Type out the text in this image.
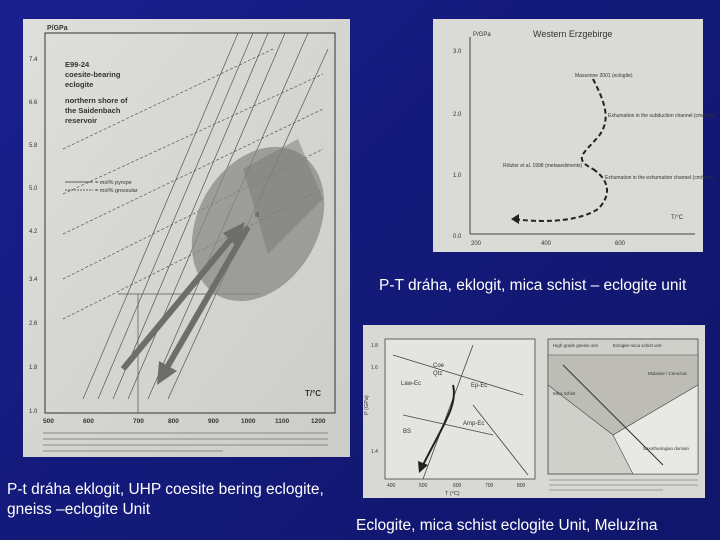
7.4
6.6
5.8
5.0
4.2
3.4
2.6
1.8
1.0
500	600	700	800	900	1000	1100	1200
P/GPa
T/°C
E99-24
coesite-bearing
eclogite
northern shore of
the Saidenbach
reservoir
= mol% pyrope
= mol% grossular
II
P/GPa	Western Erzgebirge
T/°C
3.0
2.0
1.0
0.0
200	400	600
Massonne 2001 (eclogite)
Exhumation in the subduction channel (cm/year)
Exhumation in the exhumation channel (cm/year)
Rötzler et al. 1998 (metasediments)
P-T dráha, eklogit, mica schist – eclogite unit
Coe
Qtz
Law-Ec	Ep-Ec
Amp-Ec
BS
1.8
1.6
1.4
P (GPa)
400	500	600	700	800
T (°C)
High grade gneiss unit	Eclogite-mica schist unit
Molasse / Cenozoic
Mica schist
Saxothuringian domain
P-t dráha eklogit, UHP coesite bering eclogite, gneiss –eclogite Unit
Eclogite, mica schist eclogite Unit, Meluzína
